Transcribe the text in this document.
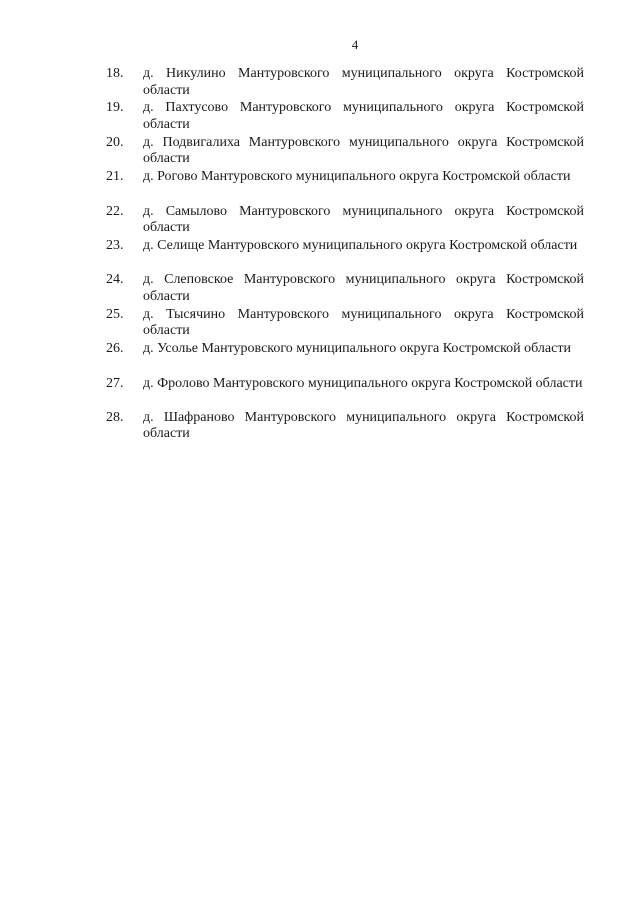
4
18.	д. Никулино Мантуровского муниципального округа Костромской области
19.	д. Пахтусово Мантуровского муниципального округа Костромской области
20.	д. Подвигалиха Мантуровского муниципального округа Костромской области
21.	д. Рогово Мантуровского муниципального округа Костромской области
22.	д. Самылово Мантуровского муниципального округа Костромской области
23.	д. Селище Мантуровского муниципального округа Костромской области
24.	д. Слеповское Мантуровского муниципального округа Костромской области
25.	д. Тысячино Мантуровского муниципального округа Костромской области
26.	д. Усолье Мантуровского муниципального округа Костромской области
27.	д. Фролово Мантуровского муниципального округа Костромской области
28.	д. Шафраново Мантуровского муниципального округа Костромской области
